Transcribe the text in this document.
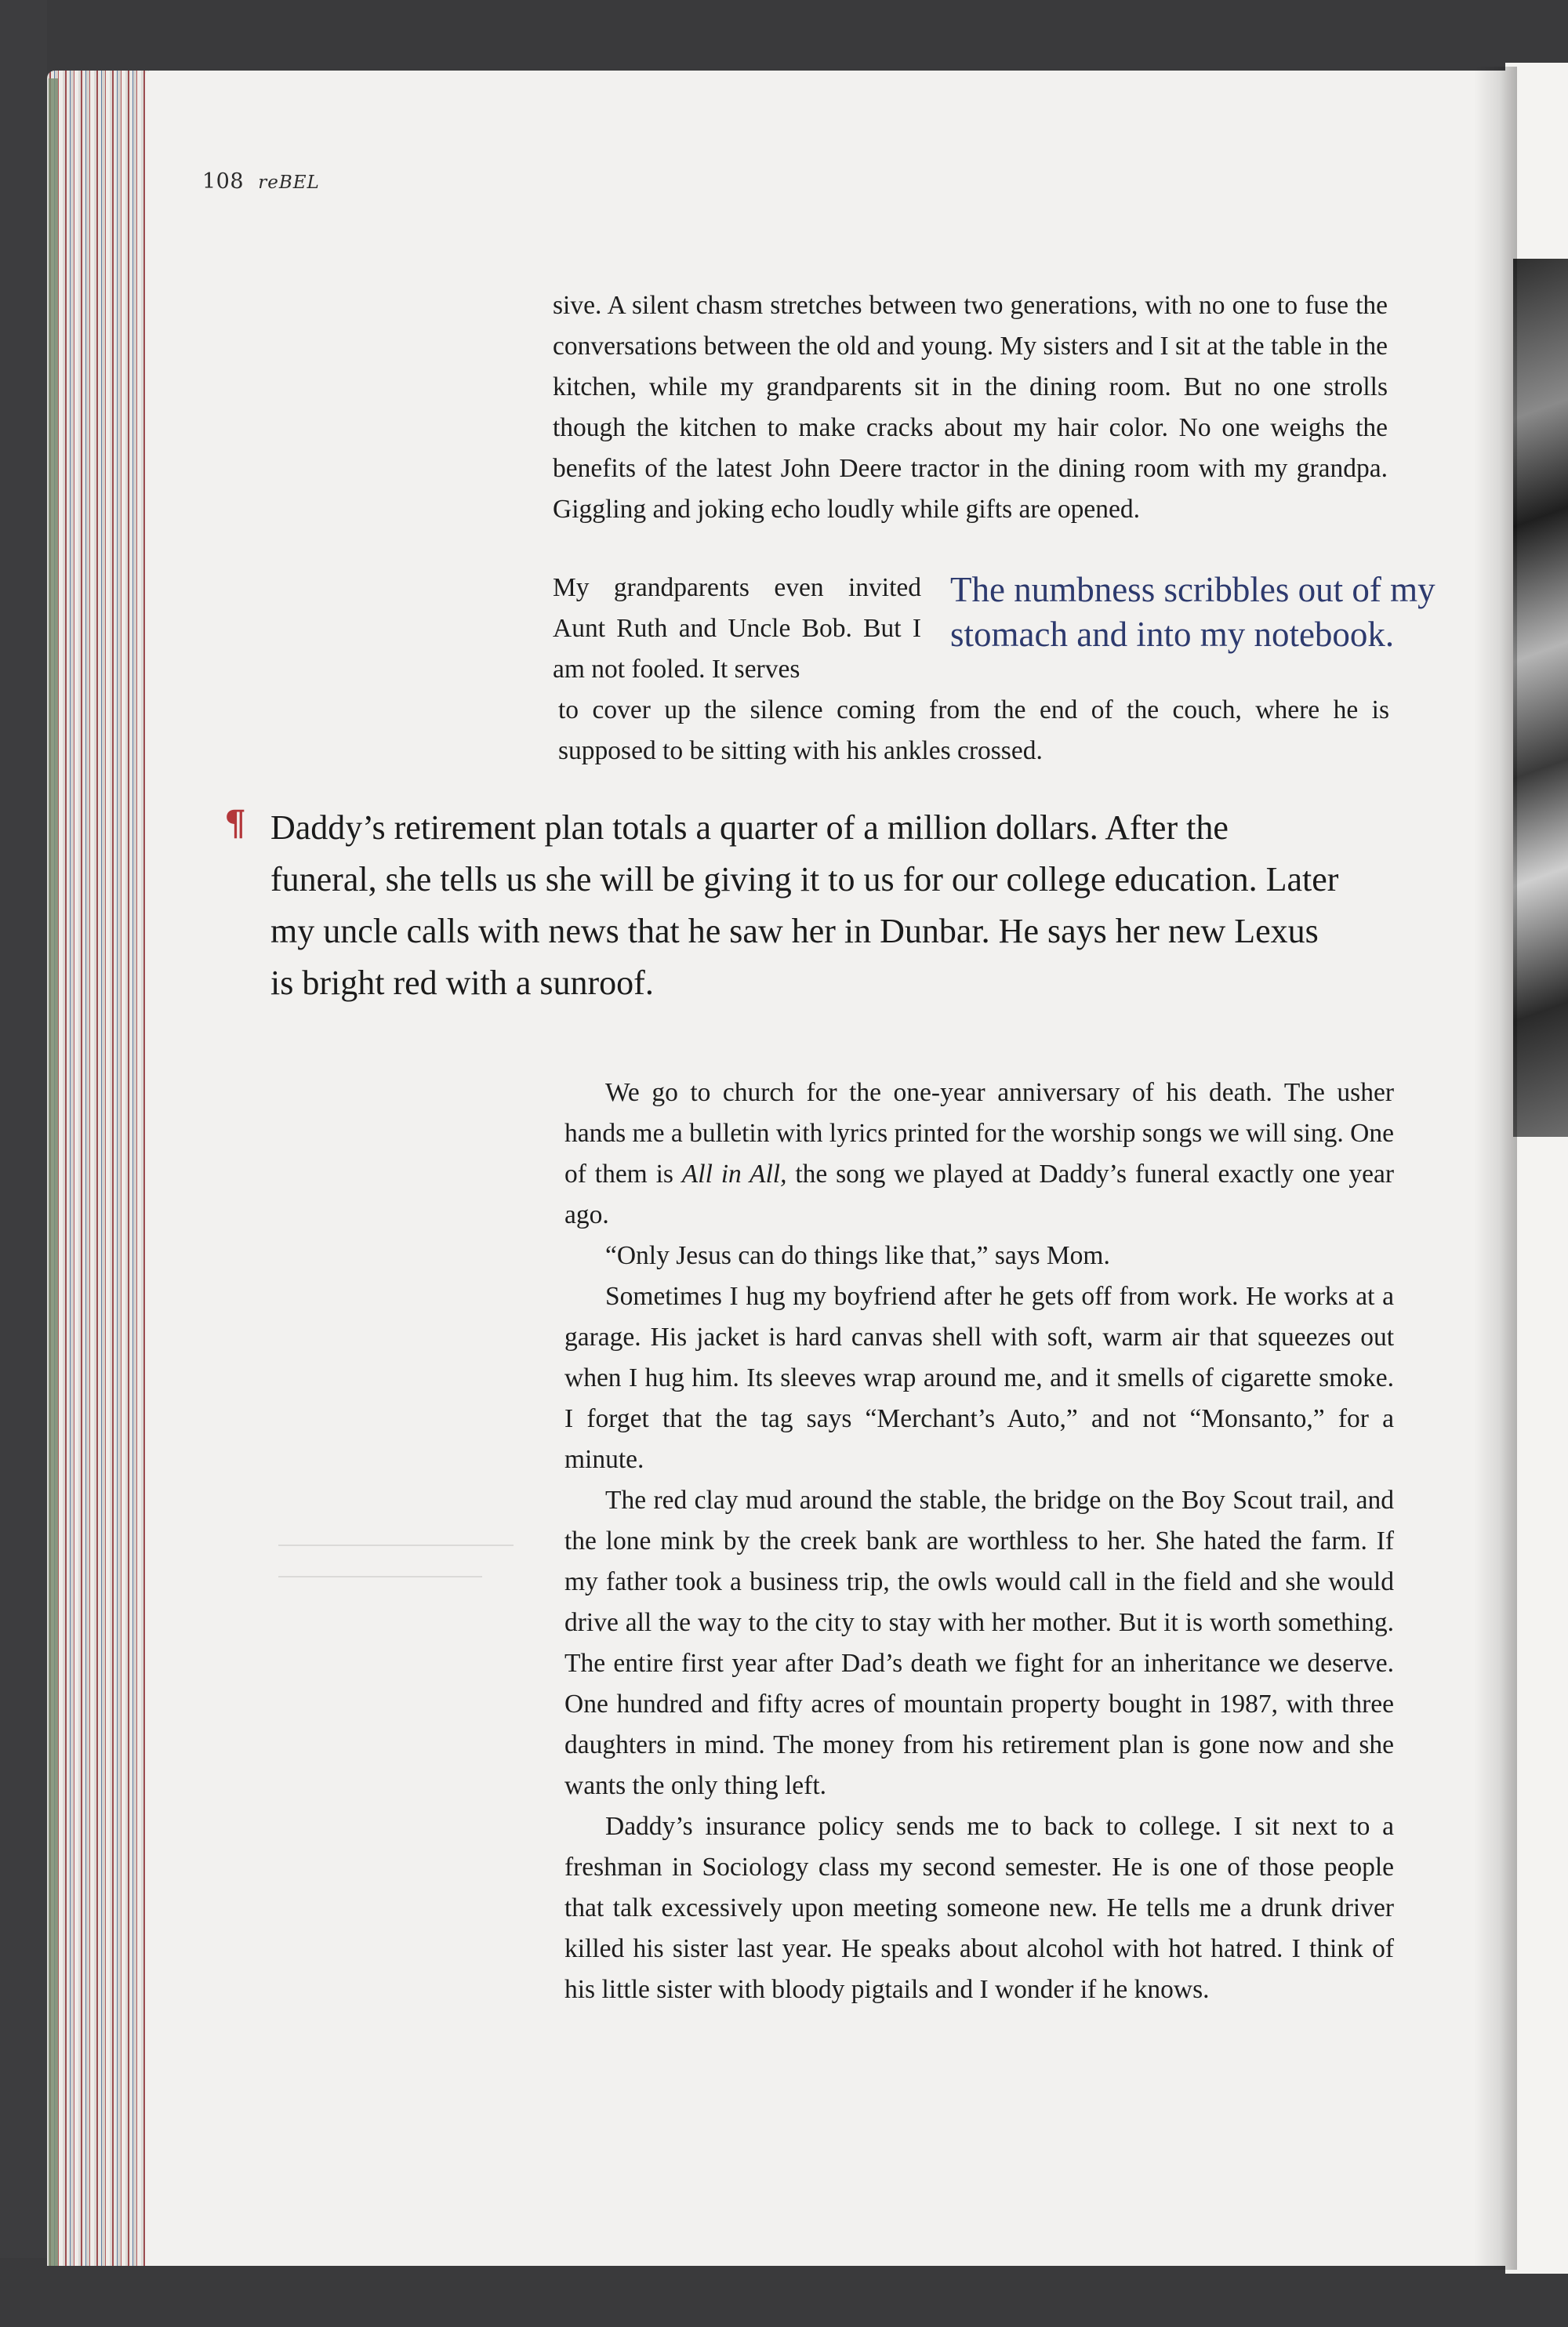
108 reBEL

sive. A silent chasm stretches between two generations, with no one to fuse the conversations between the old and young. My sisters and I sit at the table in the kitchen, while my grandparents sit in the dining room. But no one strolls though the kitchen to make cracks about my hair color. No one weighs the benefits of the latest John Deere tractor in the dining room with my grandpa. Giggling and joking echo loudly while gifts are opened.

My grandparents even invited Aunt Ruth and Uncle Bob. But I am not fooled. It serves
The numbness scribbles out of my
stomach and into my notebook.
to cover up the silence coming from the end of the couch, where he is supposed to be sitting with his ankles crossed.
¶ Daddy’s retirement plan totals a quarter of a million dollars. After the funeral, she tells us she will be giving it to us for our college education. Later my uncle calls with news that he saw her in Dunbar. He says her new Lexus is bright red with a sunroof.

We go to church for the one-year anniversary of his death. The usher hands me a bulletin with lyrics printed for the worship songs we will sing. One of them is All in All, the song we played at Daddy’s funeral exactly one year ago.

“Only Jesus can do things like that,” says Mom.

Sometimes I hug my boyfriend after he gets off from work. He works at a garage. His jacket is hard canvas shell with soft, warm air that squeezes out when I hug him. Its sleeves wrap around me, and it smells of cigarette smoke. I forget that the tag says “Merchant’s Auto,” and not “Monsanto,” for a minute.

The red clay mud around the stable, the bridge on the Boy Scout trail, and the lone mink by the creek bank are worthless to her. She hated the farm. If my father took a business trip, the owls would call in the field and she would drive all the way to the city to stay with her mother. But it is worth something. The entire first year after Dad’s death we fight for an inheritance we deserve. One hundred and fifty acres of mountain property bought in 1987, with three daughters in mind. The money from his retirement plan is gone now and she wants the only thing left.

Daddy’s insurance policy sends me to back to college. I sit next to a freshman in Sociology class my second semester. He is one of those people that talk excessively upon meeting someone new. He tells me a drunk driver killed his sister last year. He speaks about alcohol with hot hatred. I think of his little sister with bloody pigtails and I wonder if he knows.
